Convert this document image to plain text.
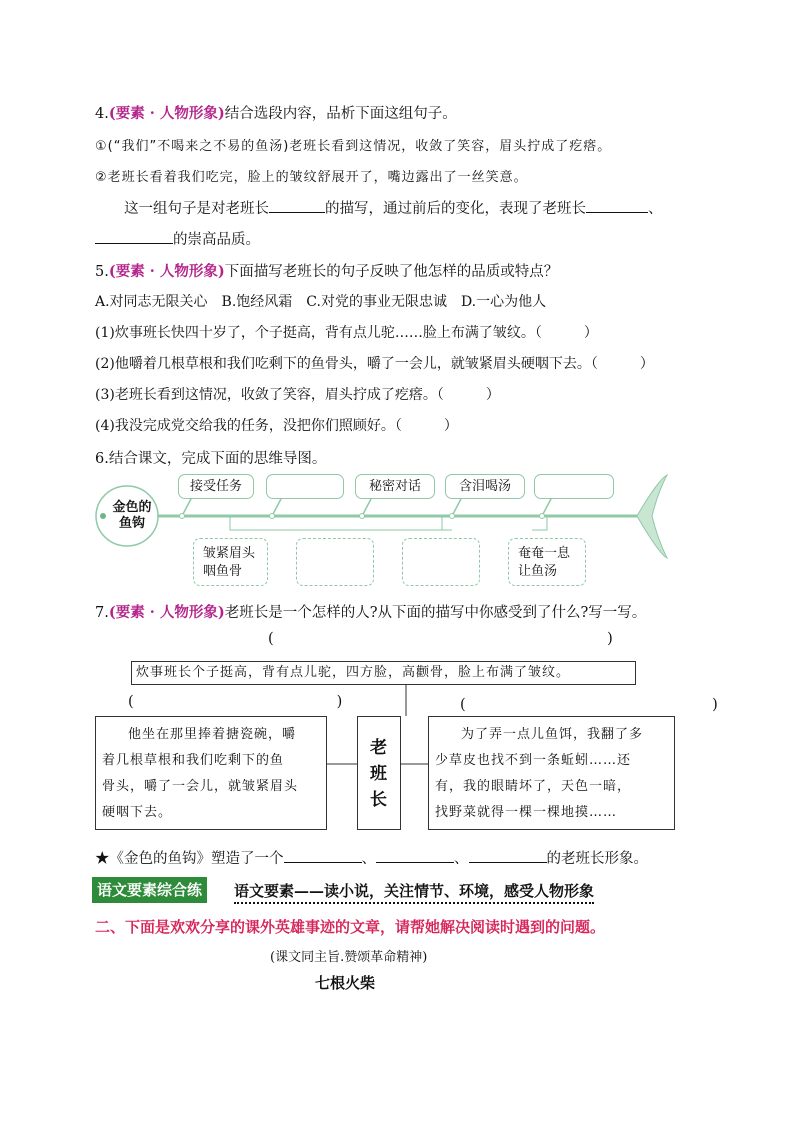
4.(要素 · 人物形象)结合选段内容，品析下面这组句子。
①(“我们”不喝来之不易的鱼汤)老班长看到这情况，收敛了笑容，眉头拧成了疙瘩。
②老班长看着我们吃完，脸上的皱纹舒展开了，嘴边露出了一丝笑意。
这一组句子是对老班长	的描写，通过前后的变化，表现了老班长	、
的崇高品质。
5.(要素 · 人物形象)下面描写老班长的句子反映了他怎样的品质或特点？
A.对同志无限关心　B.饱经风霜　C.对党的事业无限忠诚　D.一心为他人
(1)炊事班长快四十岁了，个子挺高，背有点儿驼……脸上布满了皱纹。（　　　）
(2)他嚼着几根草根和我们吃剩下的鱼骨头，嚼了一会儿，就皱紧眉头硬咽下去。（　　　）
(3)老班长看到这情况，收敛了笑容，眉头拧成了疙瘩。（　　　）
(4)我没完成党交给我的任务，没把你们照顾好。（　　　）
6.结合课文，完成下面的思维导图。
金色的
鱼钩
接受任务	秘密对话	含泪喝汤
皱紧眉头
咽鱼骨
奄奄一息
让鱼汤
7.(要素 · 人物形象)老班长是一个怎样的人?从下面的描写中你感受到了什么?写一写。
(　　　　　　　　　　　　　　　　　　　　　　　)
炊事班长个子挺高，背有点儿驼，四方脸，高颧骨，脸上布满了皱纹。
(　　　　　　　　　　　　　　)	(　　　　　　　　　　　　　　　　　)
他坐在那里捧着搪瓷碗，嚼
着几根草根和我们吃剩下的鱼
骨头，嚼了一会儿，就皱紧眉头
硬咽下去。
老
班
长
为了弄一点儿鱼饵，我翻了多
少草皮也找不到一条蚯蚓……还
有，我的眼睛坏了，天色一暗，
找野菜就得一棵一棵地摸……
★《金色的鱼钩》塑造了一个	、	、	的老班长形象。
语文要素综合练	语文要素——读小说，关注情节、环境，感受人物形象
二、下面是欢欢分享的课外英雄事迹的文章，请帮她解决阅读时遇到的问题。
(课文同主旨.赞颂革命精神)
七根火柴
